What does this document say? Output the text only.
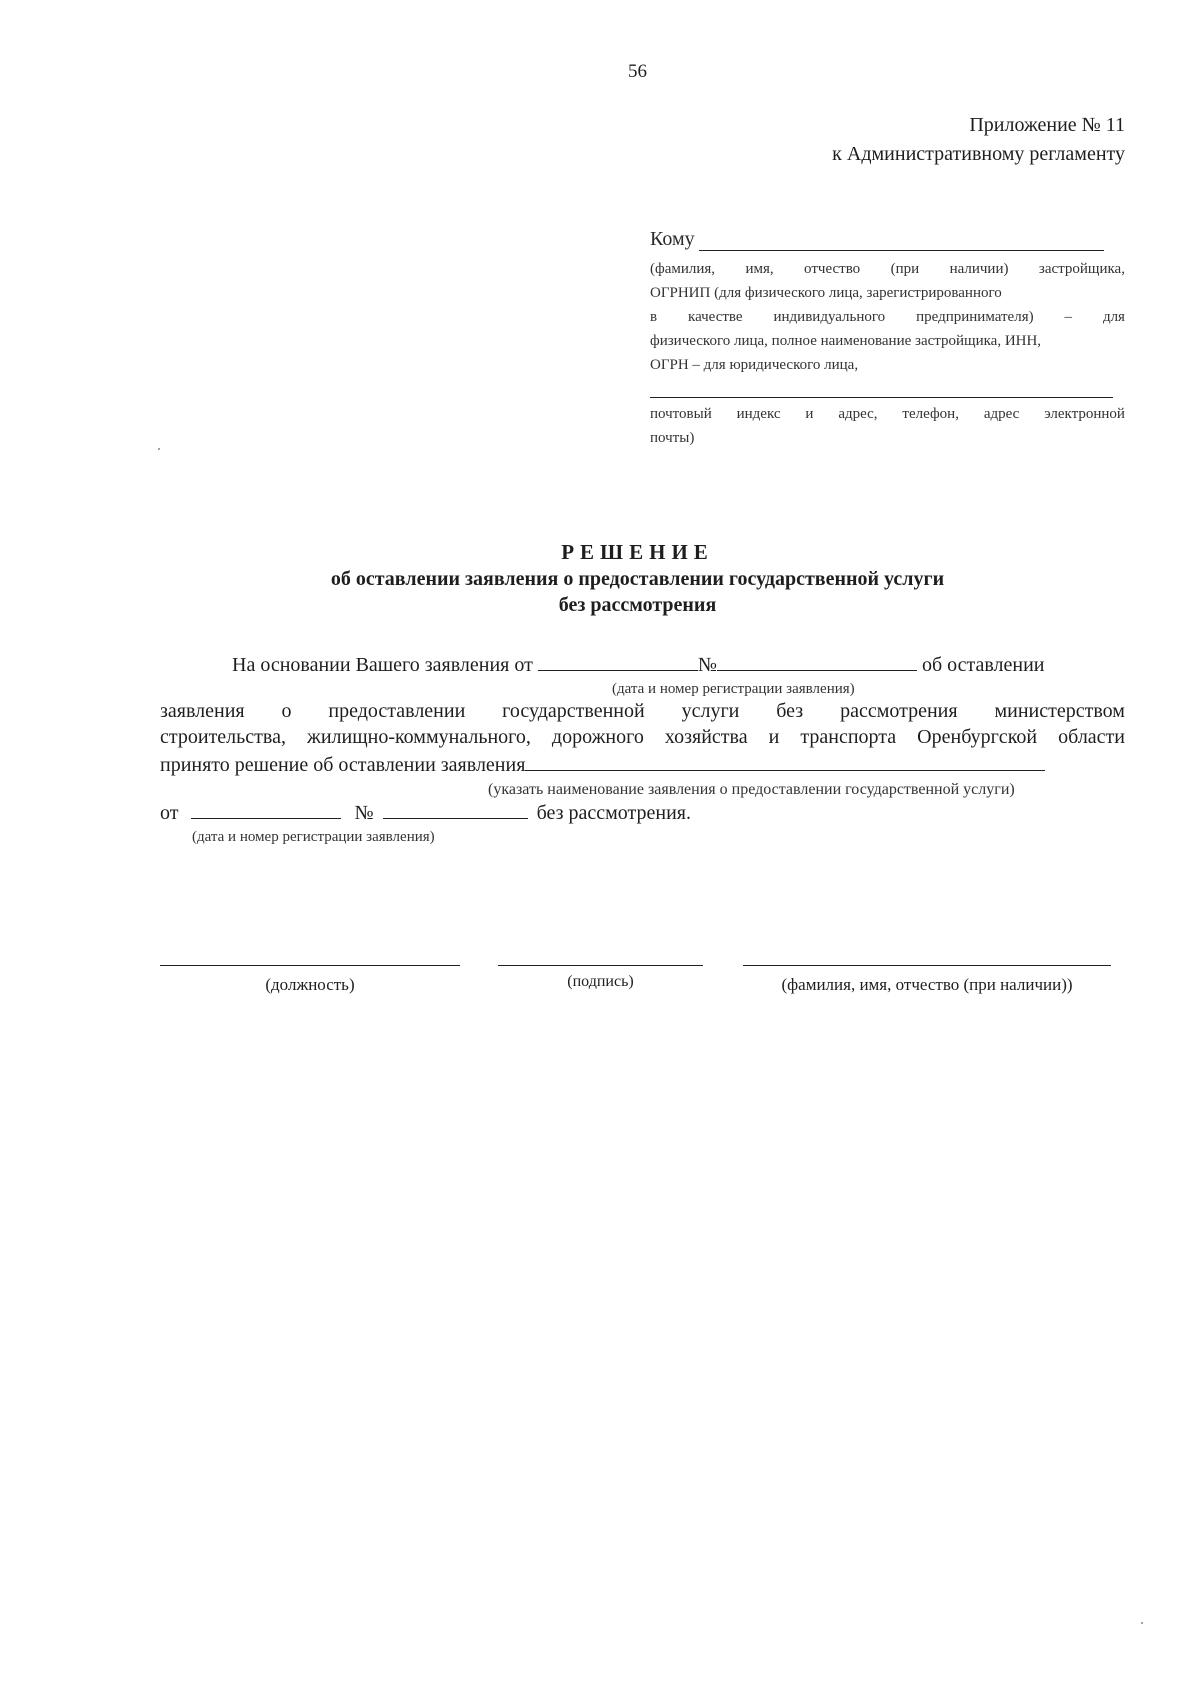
56
Приложение № 11
к Административному регламенту
Кому
(фамилия, имя, отчество (при наличии) застройщика,
ОГРНИП (для физического лица, зарегистрированного
в качестве индивидуального предпринимателя) – для
физического лица, полное наименование застройщика, ИНН,
ОГРН – для юридического лица,
почтовый индекс и адрес, телефон, адрес электронной
почты)
РЕШЕНИЕ
об оставлении заявления о предоставлении государственной услуги
без рассмотрения
На основании Вашего заявления от	№	об оставлении
(дата и номер регистрации заявления)
заявления о предоставлении государственной услуги без рассмотрения министерством
строительства, жилищно-коммунального, дорожного хозяйства и транспорта Оренбургской области
принято решение об оставлении заявления
(указать наименование заявления о предоставлении государственной услуги)
от	№	без рассмотрения.
(дата и номер регистрации заявления)
(должность)	(подпись)	(фамилия, имя, отчество (при наличии))
